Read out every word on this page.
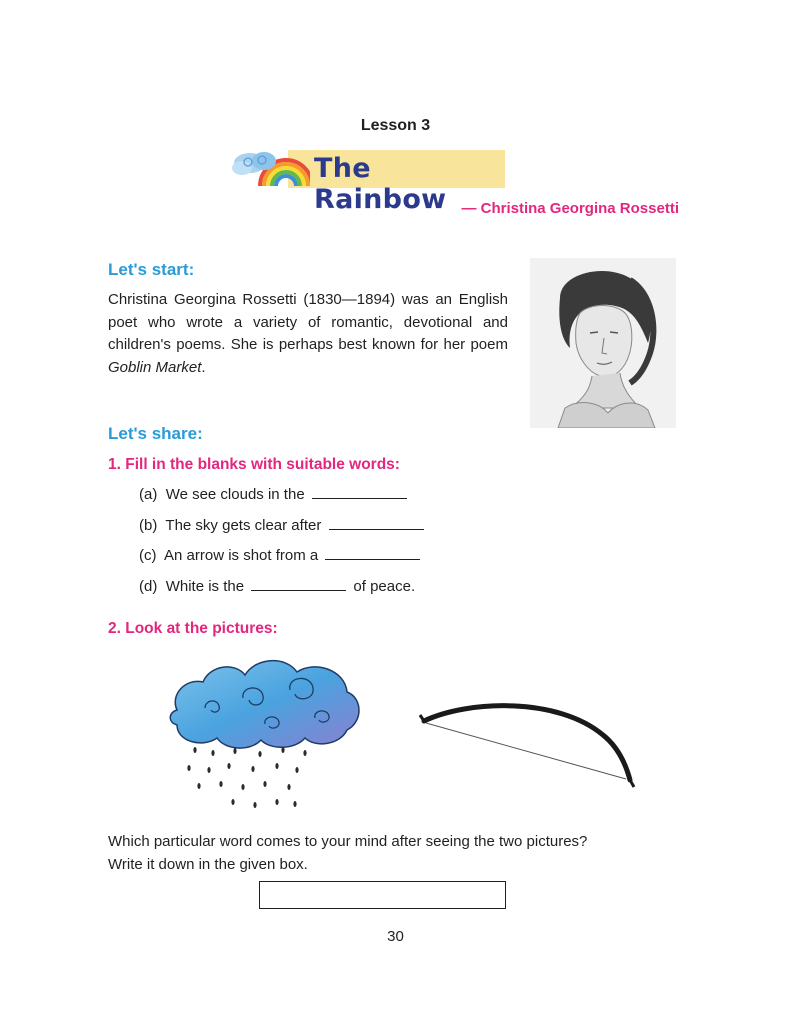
Lesson 3
The Rainbow	— Christina Georgina Rossetti
Let's start:
Christina Georgina Rossetti (1830—1894) was an English poet who wrote a variety of romantic, devotional and children's poems. She is perhaps best known for her poem Goblin Market.
Let's share:
1. Fill in the blanks with suitable words:
(a) We see clouds in the
(b) The sky gets clear after
(c) An arrow is shot from a
(d) White is the	of peace.
2. Look at the pictures:
Which particular word comes to your mind after seeing the two pictures?
Write it down in the given box.
30
